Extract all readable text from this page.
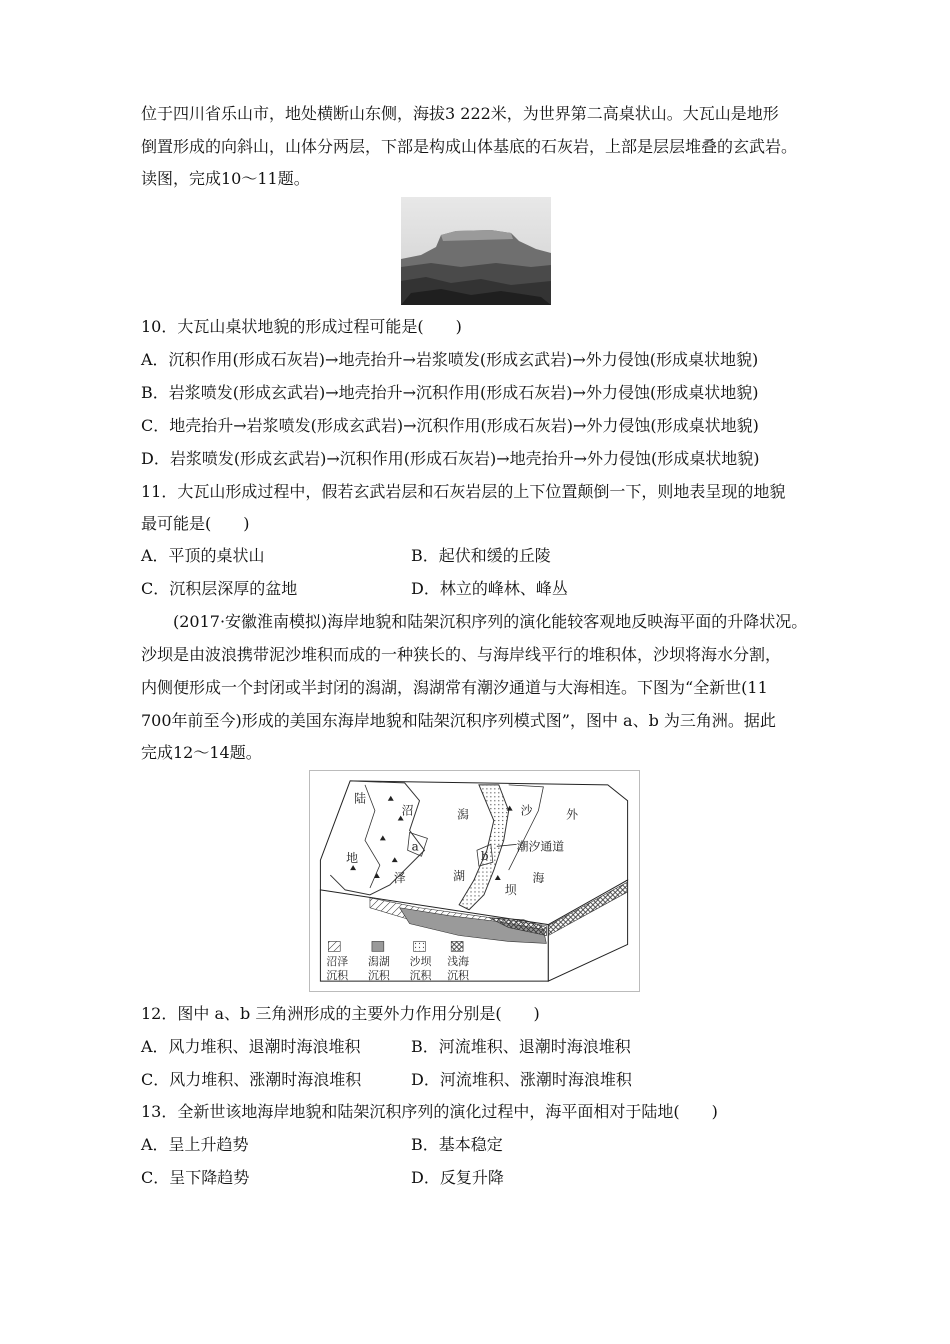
位于四川省乐山市，地处横断山东侧，海拔3 222米，为世界第二高桌状山。大瓦山是地形
倒置形成的向斜山，山体分两层，下部是构成山体基底的石灰岩，上部是层层堆叠的玄武岩。
读图，完成10～11题。
10．大瓦山桌状地貌的形成过程可能是(　　)
A．沉积作用(形成石灰岩)→地壳抬升→岩浆喷发(形成玄武岩)→外力侵蚀(形成桌状地貌)
B．岩浆喷发(形成玄武岩)→地壳抬升→沉积作用(形成石灰岩)→外力侵蚀(形成桌状地貌)
C．地壳抬升→岩浆喷发(形成玄武岩)→沉积作用(形成石灰岩)→外力侵蚀(形成桌状地貌)
D．岩浆喷发(形成玄武岩)→沉积作用(形成石灰岩)→地壳抬升→外力侵蚀(形成桌状地貌)
11．大瓦山形成过程中，假若玄武岩层和石灰岩层的上下位置颠倒一下，则地表呈现的地貌
最可能是(　　)
A．平顶的桌状山	B．起伏和缓的丘陵
C．沉积层深厚的盆地	D．林立的峰林、峰丛
(2017·安徽淮南模拟)海岸地貌和陆架沉积序列的演化能较客观地反映海平面的升降状况。
沙坝是由波浪携带泥沙堆积而成的一种狭长的、与海岸线平行的堆积体，沙坝将海水分割，
内侧便形成一个封闭或半封闭的潟湖，潟湖常有潮汐通道与大海相连。下图为“全新世(11
700年前至今)形成的美国东海岸地貌和陆架沉积序列模式图”，图中 a、b 为三角洲。据此
完成12～14题。
陆
地
沼
泽
潟
湖
沙
坝
外
海
a
b
潮汐通道
沼泽
沉积
潟湖
沉积
沙坝
沉积
浅海
沉积
12．图中 a、b 三角洲形成的主要外力作用分别是(　　)
A．风力堆积、退潮时海浪堆积	B．河流堆积、退潮时海浪堆积
C．风力堆积、涨潮时海浪堆积	D．河流堆积、涨潮时海浪堆积
13．全新世该地海岸地貌和陆架沉积序列的演化过程中，海平面相对于陆地(　　)
A．呈上升趋势	B．基本稳定
C．呈下降趋势	D．反复升降
